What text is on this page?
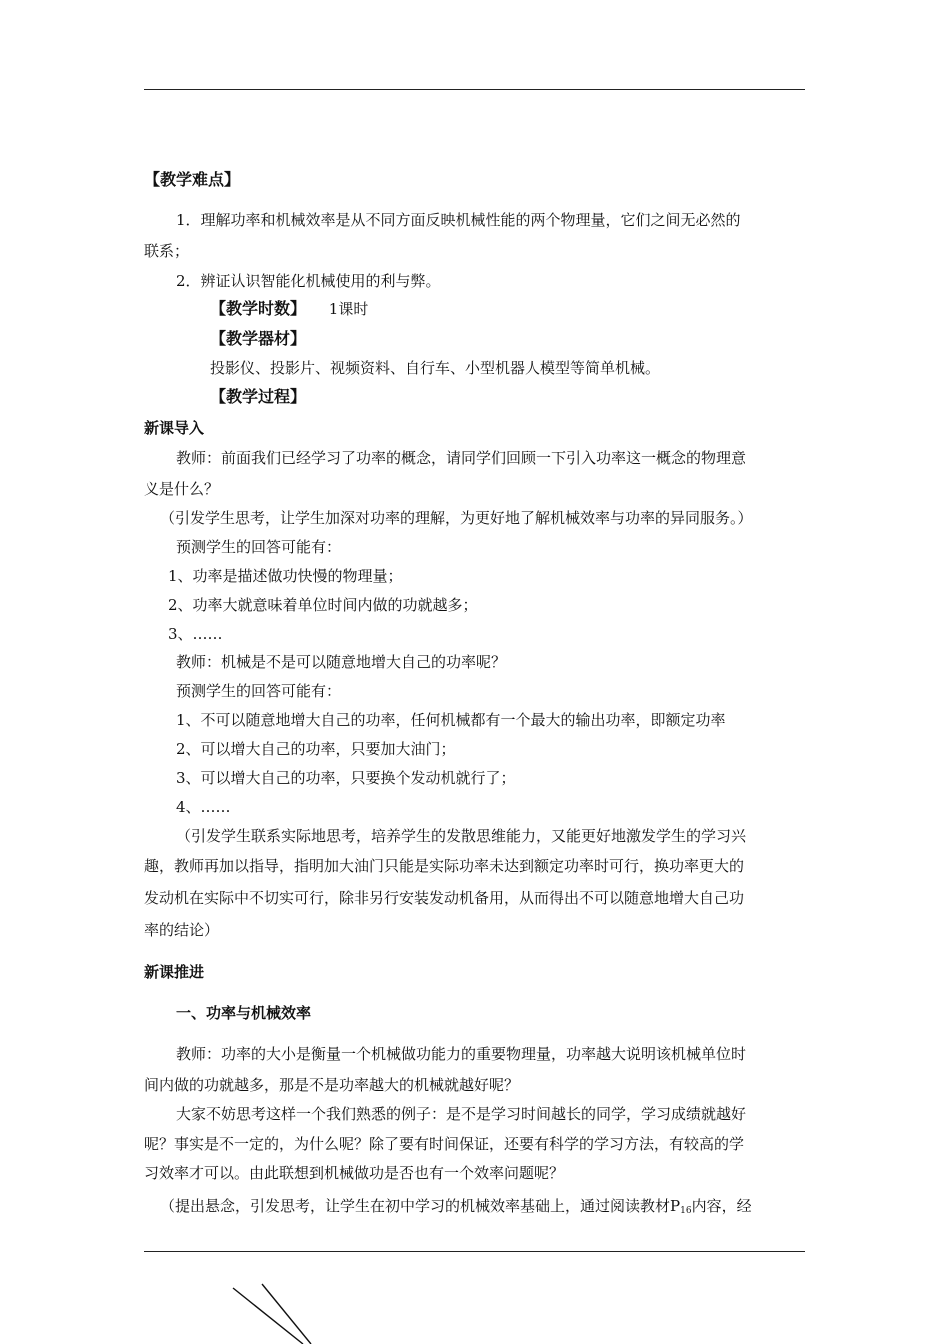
【教学难点】
1．理解功率和机械效率是从不同方面反映机械性能的两个物理量，它们之间无必然的
联系；
2．辨证认识智能化机械使用的利与弊。
【教学时数】 1课时
【教学器材】
投影仪、投影片、视频资料、自行车、小型机器人模型等简单机械。
【教学过程】
新课导入
教师：前面我们已经学习了功率的概念，请同学们回顾一下引入功率这一概念的物理意
义是什么？
（引发学生思考，让学生加深对功率的理解，为更好地了解机械效率与功率的异同服务。）
预测学生的回答可能有：
1、功率是描述做功快慢的物理量；
2、功率大就意味着单位时间内做的功就越多；
3、……
教师：机械是不是可以随意地增大自己的功率呢？
预测学生的回答可能有：
1、不可以随意地增大自己的功率，任何机械都有一个最大的输出功率，即额定功率
2、可以增大自己的功率，只要加大油门；
3、可以增大自己的功率，只要换个发动机就行了；
4、……
（引发学生联系实际地思考，培养学生的发散思维能力，又能更好地激发学生的学习兴
趣，教师再加以指导，指明加大油门只能是实际功率未达到额定功率时可行，换功率更大的
发动机在实际中不切实可行，除非另行安装发动机备用，从而得出不可以随意地增大自己功
率的结论）
新课推进
一、功率与机械效率
教师：功率的大小是衡量一个机械做功能力的重要物理量，功率越大说明该机械单位时
间内做的功就越多，那是不是功率越大的机械就越好呢？
大家不妨思考这样一个我们熟悉的例子：是不是学习时间越长的同学，学习成绩就越好
呢？事实是不一定的，为什么呢？除了要有时间保证，还要有科学的学习方法，有较高的学
习效率才可以。由此联想到机械做功是否也有一个效率问题呢？
（提出悬念，引发思考，让学生在初中学习的机械效率基础上，通过阅读教材$P_{16}$内容，经
